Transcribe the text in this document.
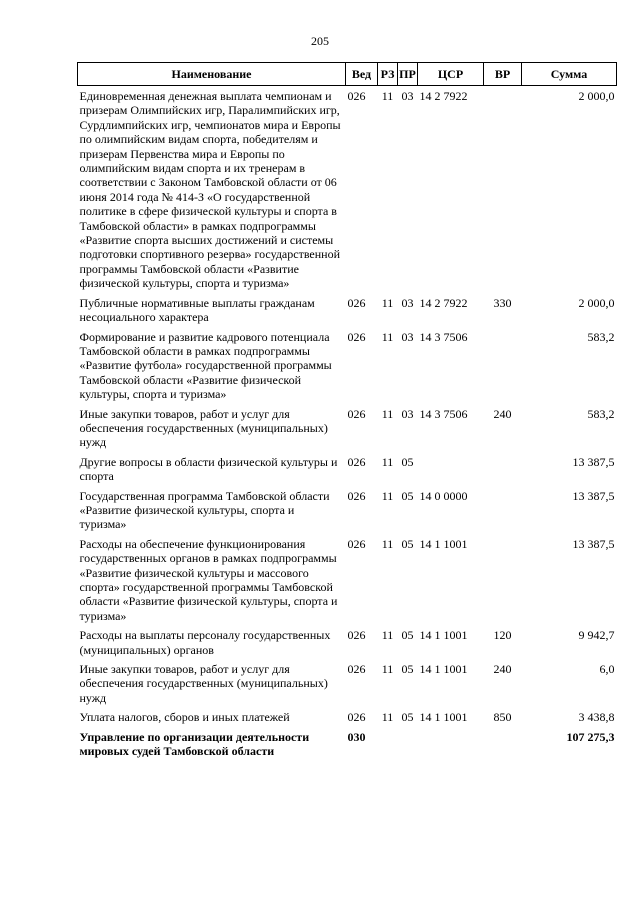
205
Наименование	Вед	РЗ	ПР	ЦСР	ВР	Сумма
Единовременная денежная выплата чемпионам и призерам Олимпийских игр, Паралимпийских игр, Сурдлимпийских игр, чемпионатов мира и Европы по олимпийским видам спорта, победителям и призерам Первенства мира и Европы по олимпийским видам спорта и их тренерам в соответствии с Законом Тамбовской области от 06 июня 2014 года № 414-З «О государственной политике в сфере физической культуры и спорта в Тамбовской области» в рамках подпрограммы «Развитие спорта высших достижений и системы подготовки спортивного резерва» государственной программы Тамбовской области «Развитие физической культуры, спорта и туризма»	026	11	03	14 2 7922		2 000,0
Публичные нормативные выплаты гражданам несоциального характера	026	11	03	14 2 7922	330	2 000,0
Формирование и развитие кадрового потенциала Тамбовской области в рамках подпрограммы «Развитие футбола» государственной программы Тамбовской области «Развитие физической культуры, спорта и туризма»	026	11	03	14 3 7506		583,2
Иные закупки товаров, работ и услуг для обеспечения государственных (муниципальных) нужд	026	11	03	14 3 7506	240	583,2
Другие вопросы в области физической культуры и спорта	026	11	05			13 387,5
Государственная программа Тамбовской области «Развитие физической культуры, спорта и туризма»	026	11	05	14 0 0000		13 387,5
Расходы на обеспечение функционирования государственных органов в рамках подпрограммы «Развитие физической культуры и массового спорта» государственной программы Тамбовской области «Развитие физической культуры, спорта и туризма»	026	11	05	14 1 1001		13 387,5
Расходы на выплаты персоналу государственных (муниципальных) органов	026	11	05	14 1 1001	120	9 942,7
Иные закупки товаров, работ и услуг для обеспечения государственных (муниципальных) нужд	026	11	05	14 1 1001	240	6,0
Уплата налогов, сборов и иных платежей	026	11	05	14 1 1001	850	3 438,8
Управление по организации деятельности мировых судей Тамбовской области	030					107 275,3
